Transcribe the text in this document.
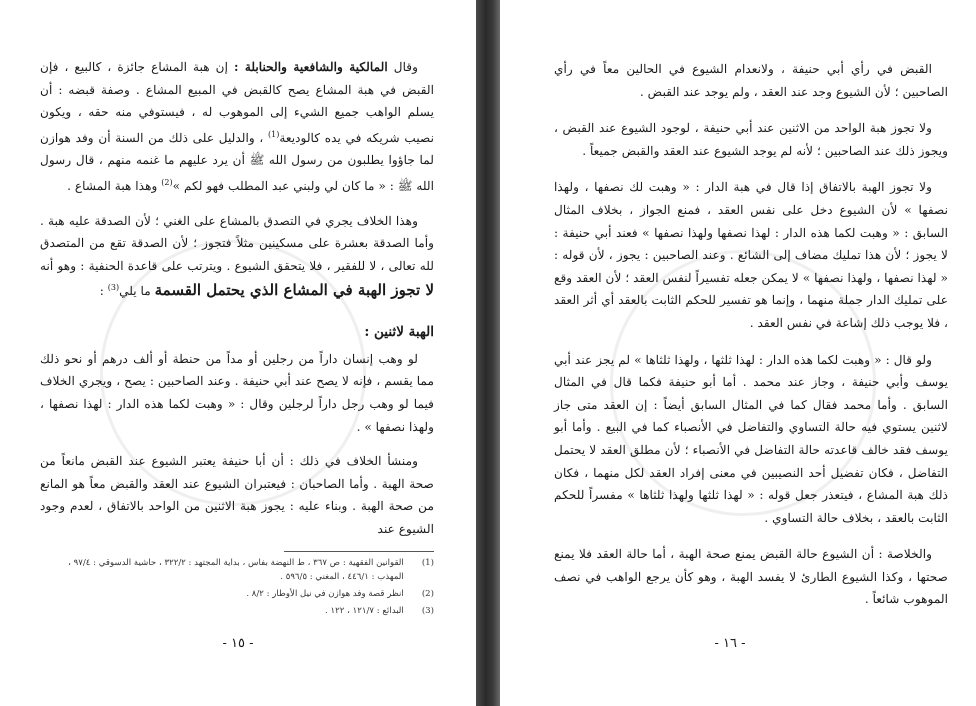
وقال المالكية والشافعية والحنابلة : إن هبة المشاع جائزة ، كالبيع ، فإن القبض في هبة المشاع يصح كالقبض في المبيع المشاع . وصفة قبضه : أن يسلم الواهب جميع الشيء إلى الموهوب له ، فيستوفي منه حقه ، ويكون نصيب شريكه في يده كالوديعة$^{(1)}$ ، والدليل على ذلك من السنة أن وفد هوازن لما جاؤوا يطلبون من رسول الله ﷺ أن يرد عليهم ما غنمه منهم ، قال رسول الله ﷺ : « ما كان لي ولبني عبد المطلب فهو لكم »$^{(2)}$ وهذا هبة المشاع .

وهذا الخلاف يجري في التصدق بالمشاع على الغني ؛ لأن الصدقة عليه هبة . وأما الصدقة بعشرة على مسكينين مثلاً فتجوز ؛ لأن الصدقة تقع من المتصدق لله تعالى ، لا للفقير ، فلا يتحقق الشيوع . ويترتب على قاعدة الحنفية : وهو أنه لا تجوز الهبة في المشاع الذي يحتمل القسمة ما يلي$^{(3)}$ :

الهبة لاثنين :

لو وهب إنسان داراً من رجلين أو مداً من حنطة أو ألف درهم أو نحو ذلك مما يقسم ، فإنه لا يصح عند أبي حنيفة . وعند الصاحبين : يصح ، ويجري الخلاف فيما لو وهب رجل داراً لرجلين وقال : « وهبت لكما هذه الدار : لهذا نصفها ، ولهذا نصفها » .

ومنشأ الخلاف في ذلك : أن أبا حنيفة يعتبر الشيوع عند القبض مانعاً من صحة الهبة . وأما الصاحبان : فيعتبران الشيوع عند العقد والقبض معاً هو المانع من صحة الهبة . وبناء عليه : يجوز هبة الاثنين من الواحد بالاتفاق ، لعدم وجود الشيوع عند

(1)
القوانين الفقهية : ص ٣٦٧ ، ط النهضة بفاس ، بداية المجتهد : ٣٢٢/٢ ، حاشية الدسوقي : ٩٧/٤ ، المهذب : ٤٤٦/١ ، المغني : ٥٩٦/٥ .
(2)
انظر قصة وفد هوازن في نيل الأوطار : ٨/٢ .
(3)
البدائع : ١٢١/٧ ، ١٢٢ .
- ١٥ -

القبض في رأي أبي حنيفة ، ولانعدام الشيوع في الحالين معاً في رأي الصاحبين ؛ لأن الشيوع وجد عند العقد ، ولم يوجد عند القبض .

ولا تجوز هبة الواحد من الاثنين عند أبي حنيفة ، لوجود الشيوع عند القبض ، ويجوز ذلك عند الصاحبين ؛ لأنه لم يوجد الشيوع عند العقد والقبض جميعاً .

ولا تجوز الهبة بالاتفاق إذا قال في هبة الدار : « وهبت لك نصفها ، ولهذا نصفها » لأن الشيوع دخل على نفس العقد ، فمنع الجواز ، بخلاف المثال السابق : « وهبت لكما هذه الدار : لهذا نصفها ولهذا نصفها » فعند أبي حنيفة : لا يجوز ؛ لأن هذا تمليك مضاف إلى الشائع . وعند الصاحبين : يجوز ، لأن قوله : « لهذا نصفها ، ولهذا نصفها » لا يمكن جعله تفسيراً لنفس العقد ؛ لأن العقد وقع على تمليك الدار جملة منهما ، وإنما هو تفسير للحكم الثابت بالعقد أي أثر العقد ، فلا يوجب ذلك إشاعة في نفس العقد .

ولو قال : « وهبت لكما هذه الدار : لهذا ثلثها ، ولهذا ثلثاها » لم يجز عند أبي يوسف وأبي حنيفة ، وجاز عند محمد . أما أبو حنيفة فكما قال في المثال السابق . وأما محمد فقال كما في المثال السابق أيضاً : إن العقد متى جاز لاثنين يستوي فيه حالة التساوي والتفاضل في الأنصباء كما في البيع . وأما أبو يوسف فقد خالف قاعدته حالة التفاضل في الأنصباء ؛ لأن مطلق العقد لا يحتمل التفاضل ، فكان تفضيل أحد النصيبين في معنى إفراد العقد لكل منهما ، فكان ذلك هبة المشاع ، فيتعذر جعل قوله : « لهذا ثلثها ولهذا ثلثاها » مفسراً للحكم الثابت بالعقد ، بخلاف حالة التساوي .

والخلاصة : أن الشيوع حالة القبض يمنع صحة الهبة ، أما حالة العقد فلا يمنع صحتها ، وكذا الشيوع الطارئ لا يفسد الهبة ، وهو كأن يرجع الواهب في نصف الموهوب شائعاً .

- ١٦ -
